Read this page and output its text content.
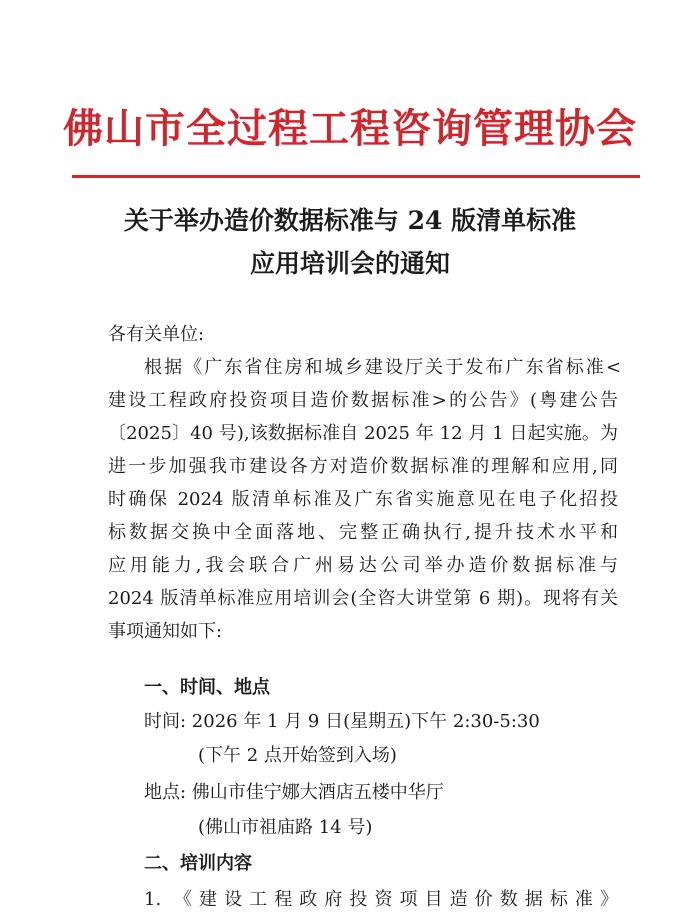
佛山市全过程工程咨询管理协会
关于举办造价数据标准与 24 版清单标准
应用培训会的通知
各有关单位:
根据《广东省住房和城乡建设厅关于发布广东省标准<
建设工程政府投资项目造价数据标准>的公告》(粤建公告
〔2025〕40 号),该数据标准自 2025 年 12 月 1 日起实施。为
进一步加强我市建设各方对造价数据标准的理解和应用,同
时确保 2024 版清单标准及广东省实施意见在电子化招投
标数据交换中全面落地、完整正确执行,提升技术水平和
应用能力,我会联合广州易达公司举办造价数据标准与
2024 版清单标准应用培训会(全咨大讲堂第 6 期)。现将有关
事项通知如下:
一、时间、地点
时间: 2026 年 1 月 9 日(星期五)下午 2:30-5:30
(下午 2 点开始签到入场)
地点: 佛山市佳宁娜大酒店五楼中华厅
(佛山市祖庙路 14 号)
二、培训内容
1. 《建设工程政府投资项目造价数据标准》
